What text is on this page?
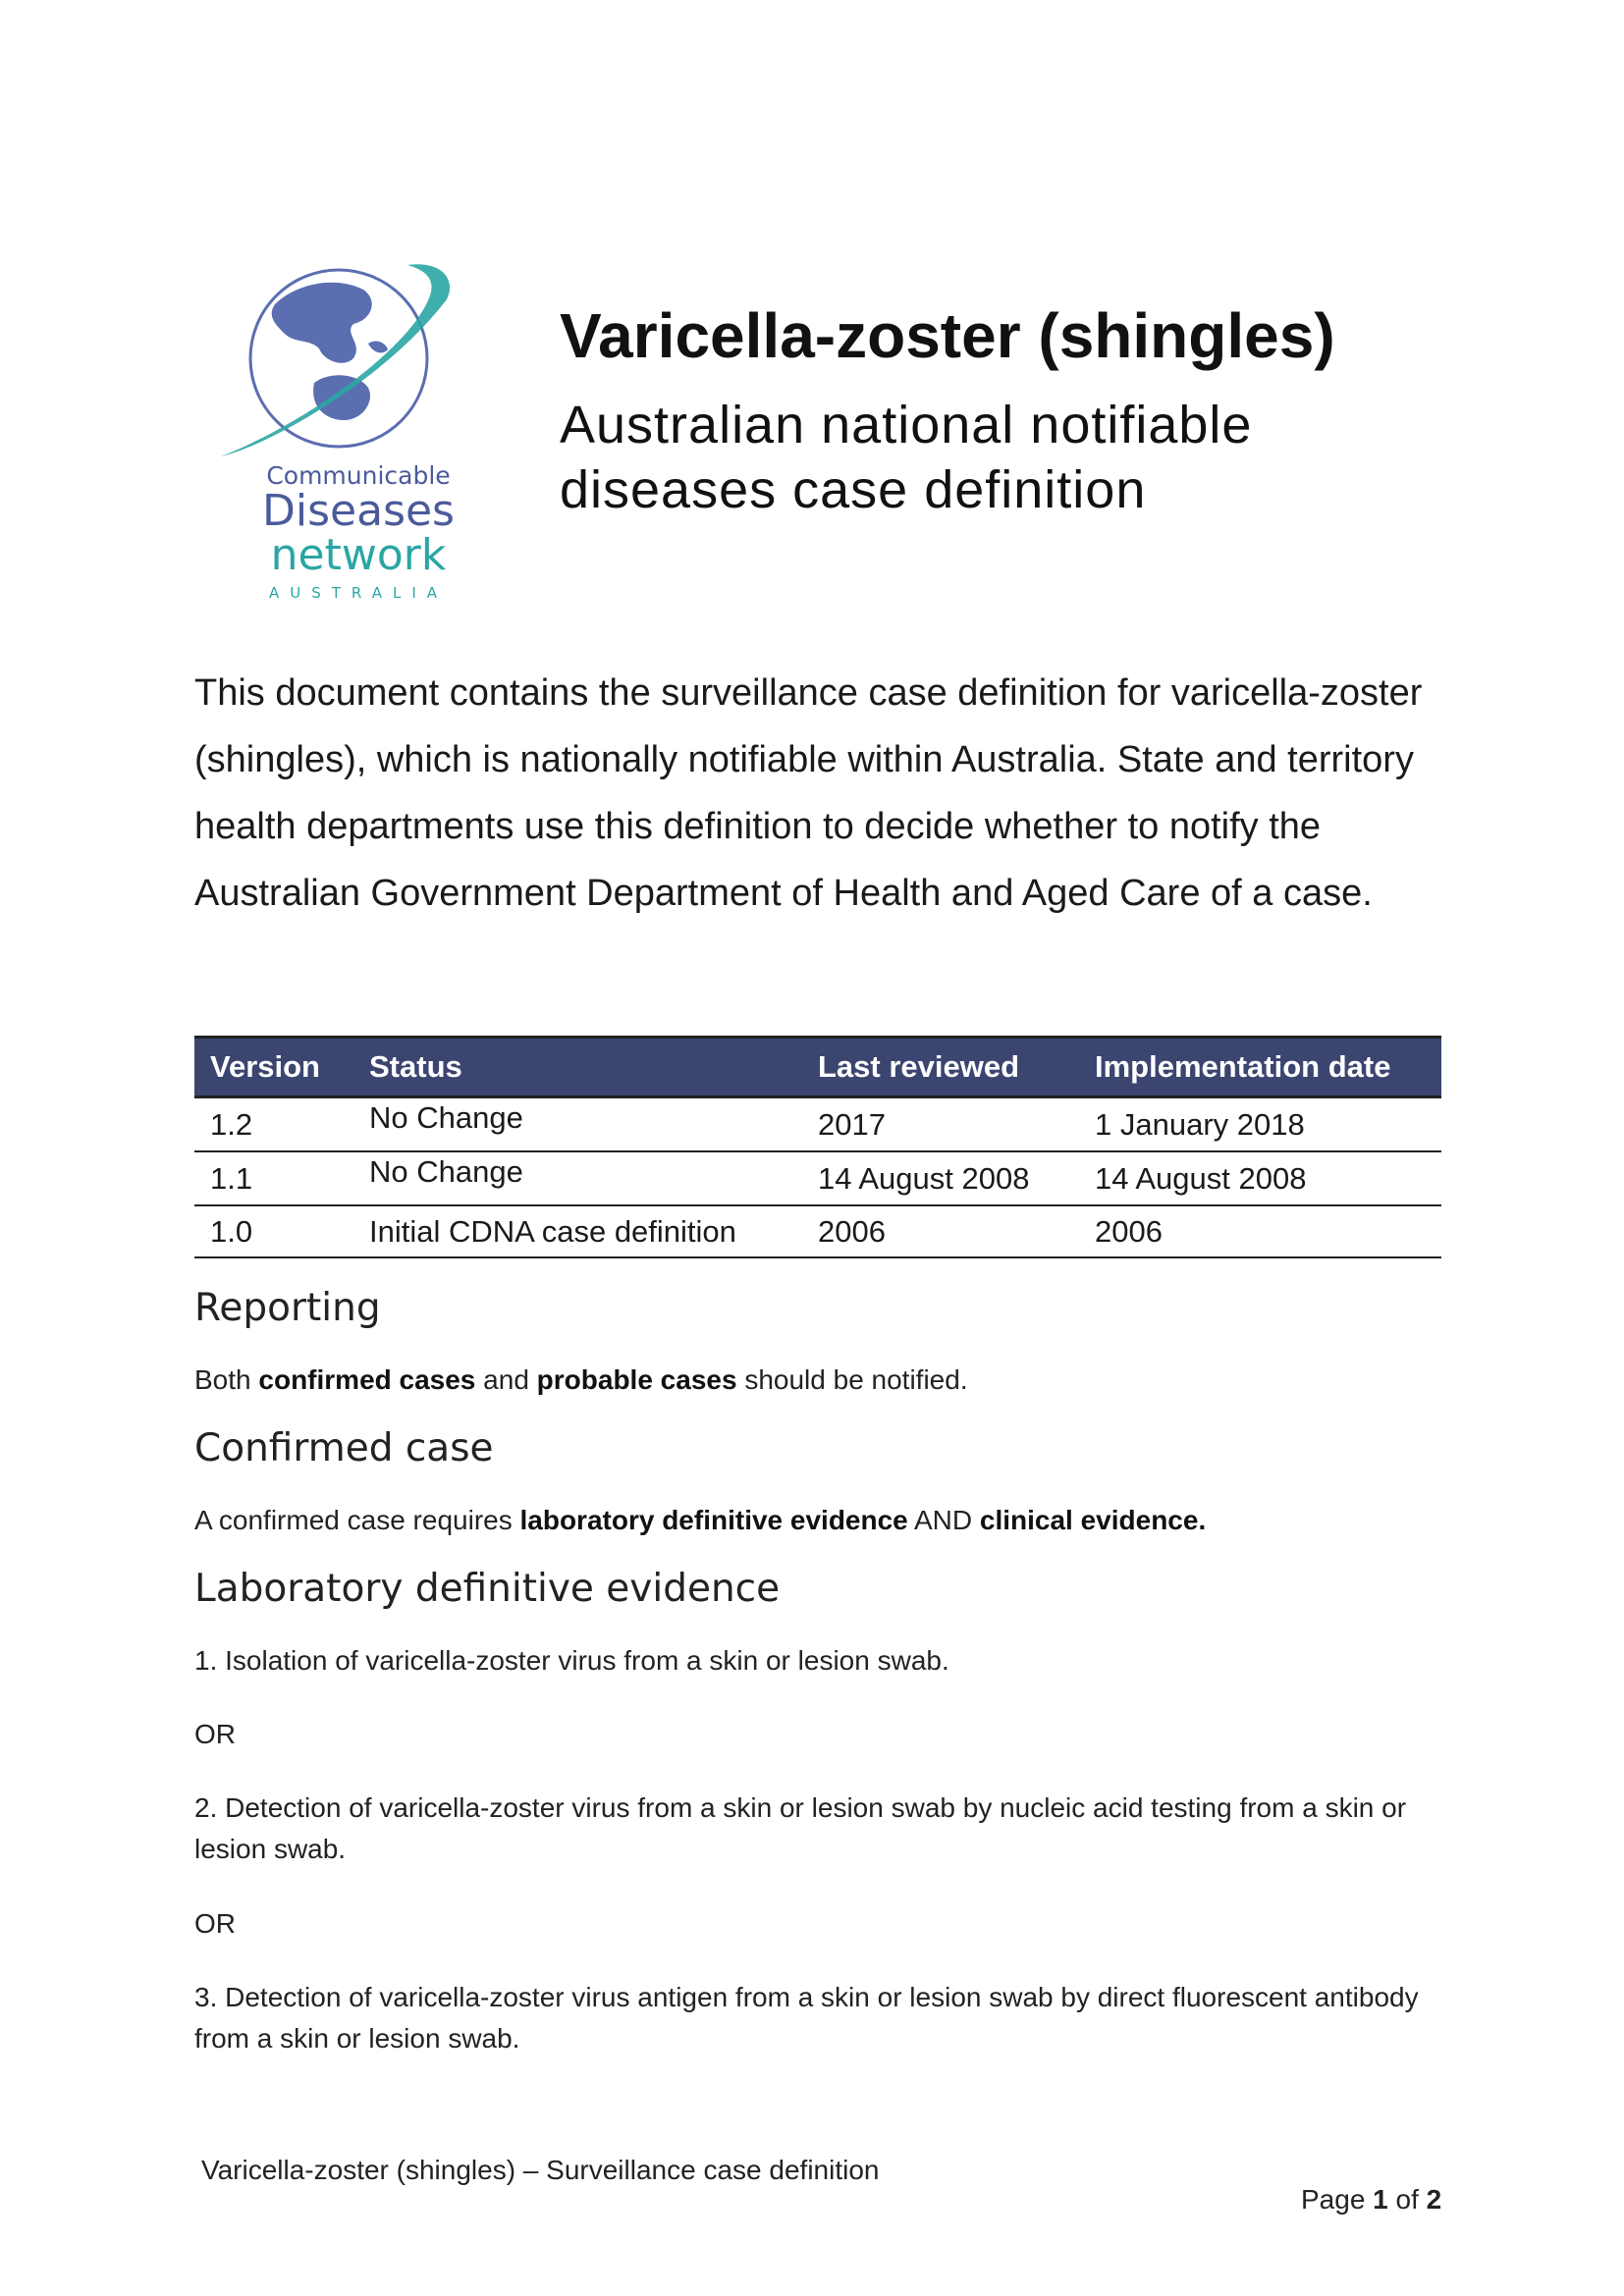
Communicable
Diseases
network
AUSTRALIA
Varicella-zoster (shingles)
Australian national notifiable
diseases case definition

This document contains the surveillance case definition for varicella-zoster (shingles), which is nationally notifiable within Australia. State and territory health departments use this definition to decide whether to notify the Australian Government Department of Health and Aged Care of a case.

Version	Status	Last reviewed	Implementation date
1.2	No Change	2017	1 January 2018
1.1	No Change	14 August 2008	14 August 2008
1.0	Initial CDNA case definition	2006	2006
Reporting

Both confirmed cases and probable cases should be notified.

Confirmed case

A confirmed case requires laboratory definitive evidence AND clinical evidence.

Laboratory definitive evidence

1. Isolation of varicella-zoster virus from a skin or lesion swab.

OR

2. Detection of varicella-zoster virus from a skin or lesion swab by nucleic acid testing from a skin or lesion swab.

OR

3. Detection of varicella-zoster virus antigen from a skin or lesion swab by direct fluorescent antibody from a skin or lesion swab.

Varicella-zoster (shingles) – Surveillance case definition
Page 1 of 2
